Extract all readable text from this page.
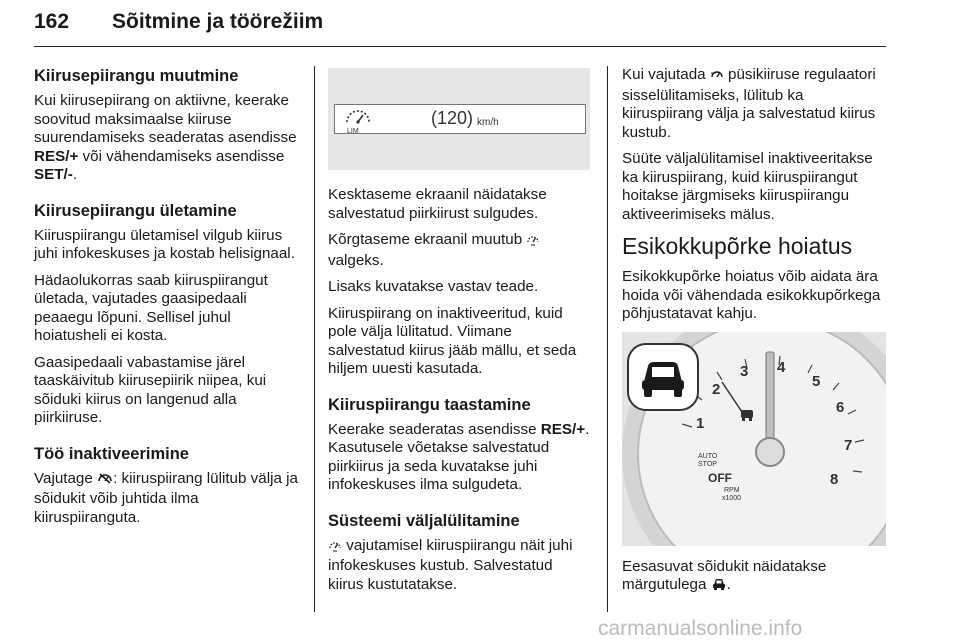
162 Sõitmine ja töörežiim
Kiirusepiirangu muutmine

Kui kiirusepiirang on aktiivne, keerake soovitud maksimaalse kiiruse suurendamiseks seaderatas asendisse RES/+ või vähendamiseks asendisse SET/-.

Kiirusepiirangu ületamine

Kiiruspiirangu ületamisel vilgub kiirus juhi infokeskuses ja kostab helisignaal.

Hädaolukorras saab kiiruspiirangut ületada, vajutades gaasipedaali peaaegu lõpuni. Sellisel juhul hoiatusheli ei kosta.

Gaasipedaali vabastamise järel taaskäivitub kiirusepiirik niipea, kui sõiduki kiirus on langenud alla piirkiiruse.

Töö inaktiveerimine

Vajutage : kiiruspiirang lülitub välja ja sõidukit võib juhtida ilma kiiruspiiranguta.

LIM
(120) km/h

Kesktaseme ekraanil näidatakse salvestatud piirkiirust sulgudes.

Kõrgtaseme ekraanil muutub  valgeks.

Lisaks kuvatakse vastav teade.

Kiiruspiirang on inaktiveeritud, kuid pole välja lülitatud. Viimane salvestatud kiirus jääb mällu, et seda hiljem uuesti kasutada.

Kiiruspiirangu taastamine

Keerake seaderatas asendisse RES/+. Kasutusele võetakse salvestatud piirkiirus ja seda kuvatakse juhi infokeskuses ilma sulgudeta.

Süsteemi väljalülitamine

vajutamisel kiiruspiirangu näit juhi infokeskuses kustub. Salvestatud kiirus kustutatakse.

Kui vajutada  püsikiiruse regulaatori sisselülitamiseks, lülitub ka kiiruspiirang välja ja salvestatud kiirus kustub.

Süüte väljalülitamisel inaktiveeritakse ka kiiruspiirang, kuid kiiruspiirangut hoitakse järgmiseks kiiruspiirangu aktiveerimiseks mälus.

Esikokkupõrke hoiatus

Esikokkupõrke hoiatus võib aidata ära hoida või vähendada esikokkupõrkega põhjustatavat kahju.

1
2
3 4
5
6
7
8
AUTO
STOP
OFF
RPM
x1000

Eesasuvat sõidukit näidatakse märgutulega .

carmanualsonline.info
